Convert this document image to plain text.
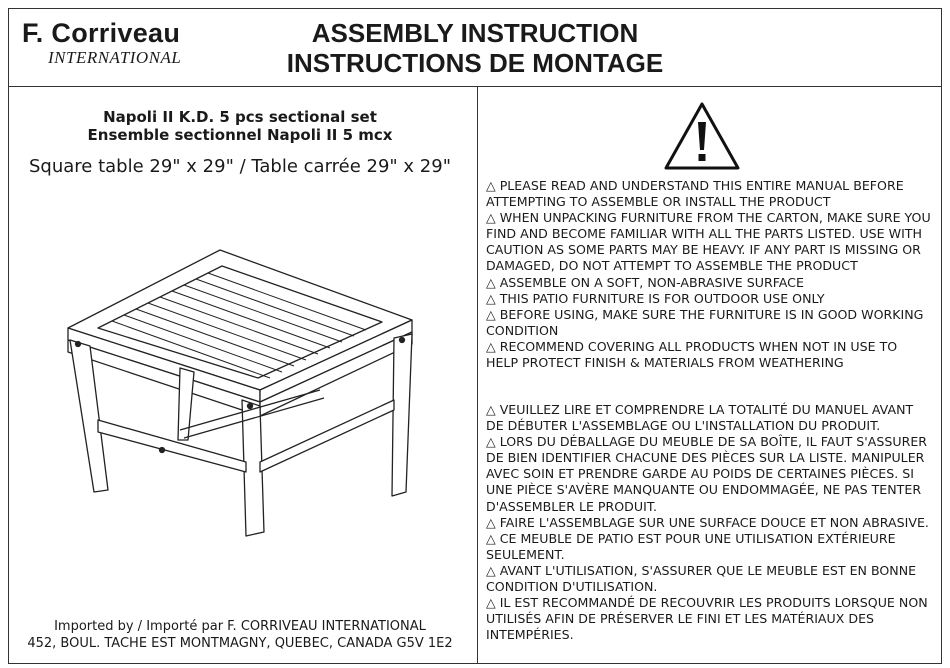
F. Corriveau
INTERNATIONAL
ASSEMBLY INSTRUCTION
INSTRUCTIONS DE MONTAGE
Napoli II K.D. 5 pcs sectional set
Ensemble sectionnel Napoli II 5 mcx
Square table 29" x 29" / Table carrée 29" x 29"
Imported by / Importé par F. CORRIVEAU INTERNATIONAL
452, BOUL. TACHE EST MONTMAGNY, QUEBEC, CANADA G5V 1E2

△ PLEASE READ AND UNDERSTAND THIS ENTIRE MANUAL BEFORE ATTEMPTING TO ASSEMBLE OR INSTALL THE PRODUCT

△ WHEN UNPACKING FURNITURE FROM THE CARTON, MAKE SURE YOU FIND AND BECOME FAMILIAR WITH ALL THE PARTS LISTED. USE WITH CAUTION AS SOME PARTS MAY BE HEAVY. IF ANY PART IS MISSING OR DAMAGED, DO NOT ATTEMPT TO ASSEMBLE THE PRODUCT

△ ASSEMBLE ON A SOFT, NON-ABRASIVE SURFACE

△ THIS PATIO FURNITURE IS FOR OUTDOOR USE ONLY

△ BEFORE USING, MAKE SURE THE FURNITURE IS IN GOOD WORKING CONDITION

△ RECOMMEND COVERING ALL PRODUCTS WHEN NOT IN USE TO HELP PROTECT FINISH & MATERIALS FROM WEATHERING

△ VEUILLEZ LIRE ET COMPRENDRE LA TOTALITÉ DU MANUEL AVANT DE DÉBUTER L'ASSEMBLAGE OU L'INSTALLATION DU PRODUIT.

△ LORS DU DÉBALLAGE DU MEUBLE DE SA BOÎTE, IL FAUT S'ASSURER DE BIEN IDENTIFIER CHACUNE DES PIÈCES SUR LA LISTE. MANIPULER AVEC SOIN ET PRENDRE GARDE AU POIDS DE CERTAINES PIÈCES. SI UNE PIÈCE S'AVÈRE MANQUANTE OU ENDOMMAGÉE, NE PAS TENTER D'ASSEMBLER LE PRODUIT.

△ FAIRE L'ASSEMBLAGE SUR UNE SURFACE DOUCE ET NON ABRASIVE.

△ CE MEUBLE DE PATIO EST POUR UNE UTILISATION EXTÉRIEURE SEULEMENT.

△ AVANT L'UTILISATION, S'ASSURER QUE LE MEUBLE EST EN BONNE CONDITION D'UTILISATION.

△ IL EST RECOMMANDÉ DE RECOUVRIR LES PRODUITS LORSQUE NON UTILISÉS AFIN DE PRÉSERVER LE FINI ET LES MATÉRIAUX DES INTEMPÉRIES.
